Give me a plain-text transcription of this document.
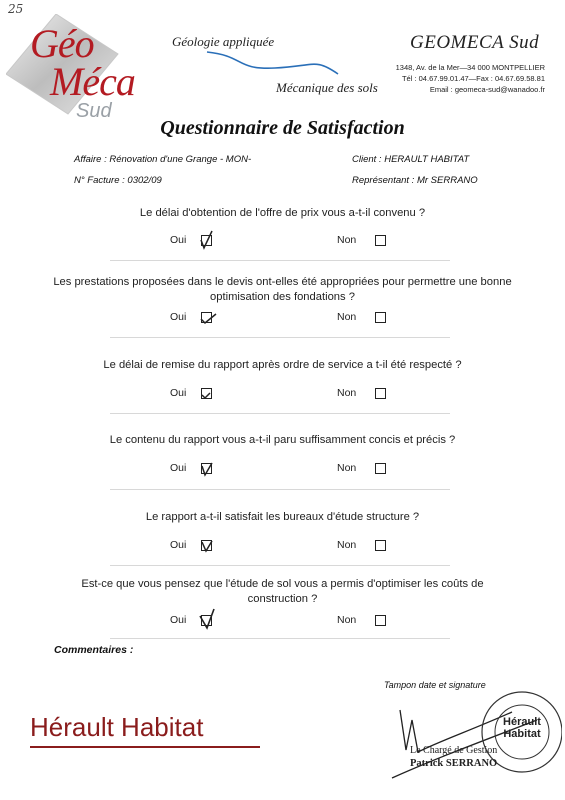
25
Géo
Méca
Sud
Géologie appliquée
Mécanique des sols
GEOMECA Sud
1348, Av. de la Mer—34 000 MONTPELLIER
Tél : 04.67.99.01.47—Fax : 04.67.69.58.81
Email : geomeca-sud@wanadoo.fr
Questionnaire de Satisfaction
Affaire : Rénovation d'une Grange - MON-
N° Facture : 0302/09
Client : HERAULT HABITAT
Représentant : Mr SERRANO
Le délai d'obtention de l'offre de prix vous a-t-il convenu ?
Oui	Non
Les prestations proposées dans le devis ont-elles été appropriées pour permettre une bonne optimisation des fondations ?
Oui	Non
Le délai de remise du rapport après ordre de service a t-il été respecté ?
Oui	Non
Le contenu du rapport vous a-t-il paru suffisamment concis et précis ?
Oui	Non
Le rapport a-t-il satisfait les bureaux d'étude structure ?
Oui	Non
Est-ce que vous pensez que l'étude de sol vous a permis d'optimiser les coûts de construction ?
Oui	Non
Commentaires :
Tampon date et signature
Hérault
Habitat
Le Chargé de Gestion
Patrick SERRANO
Hérault Habitat
